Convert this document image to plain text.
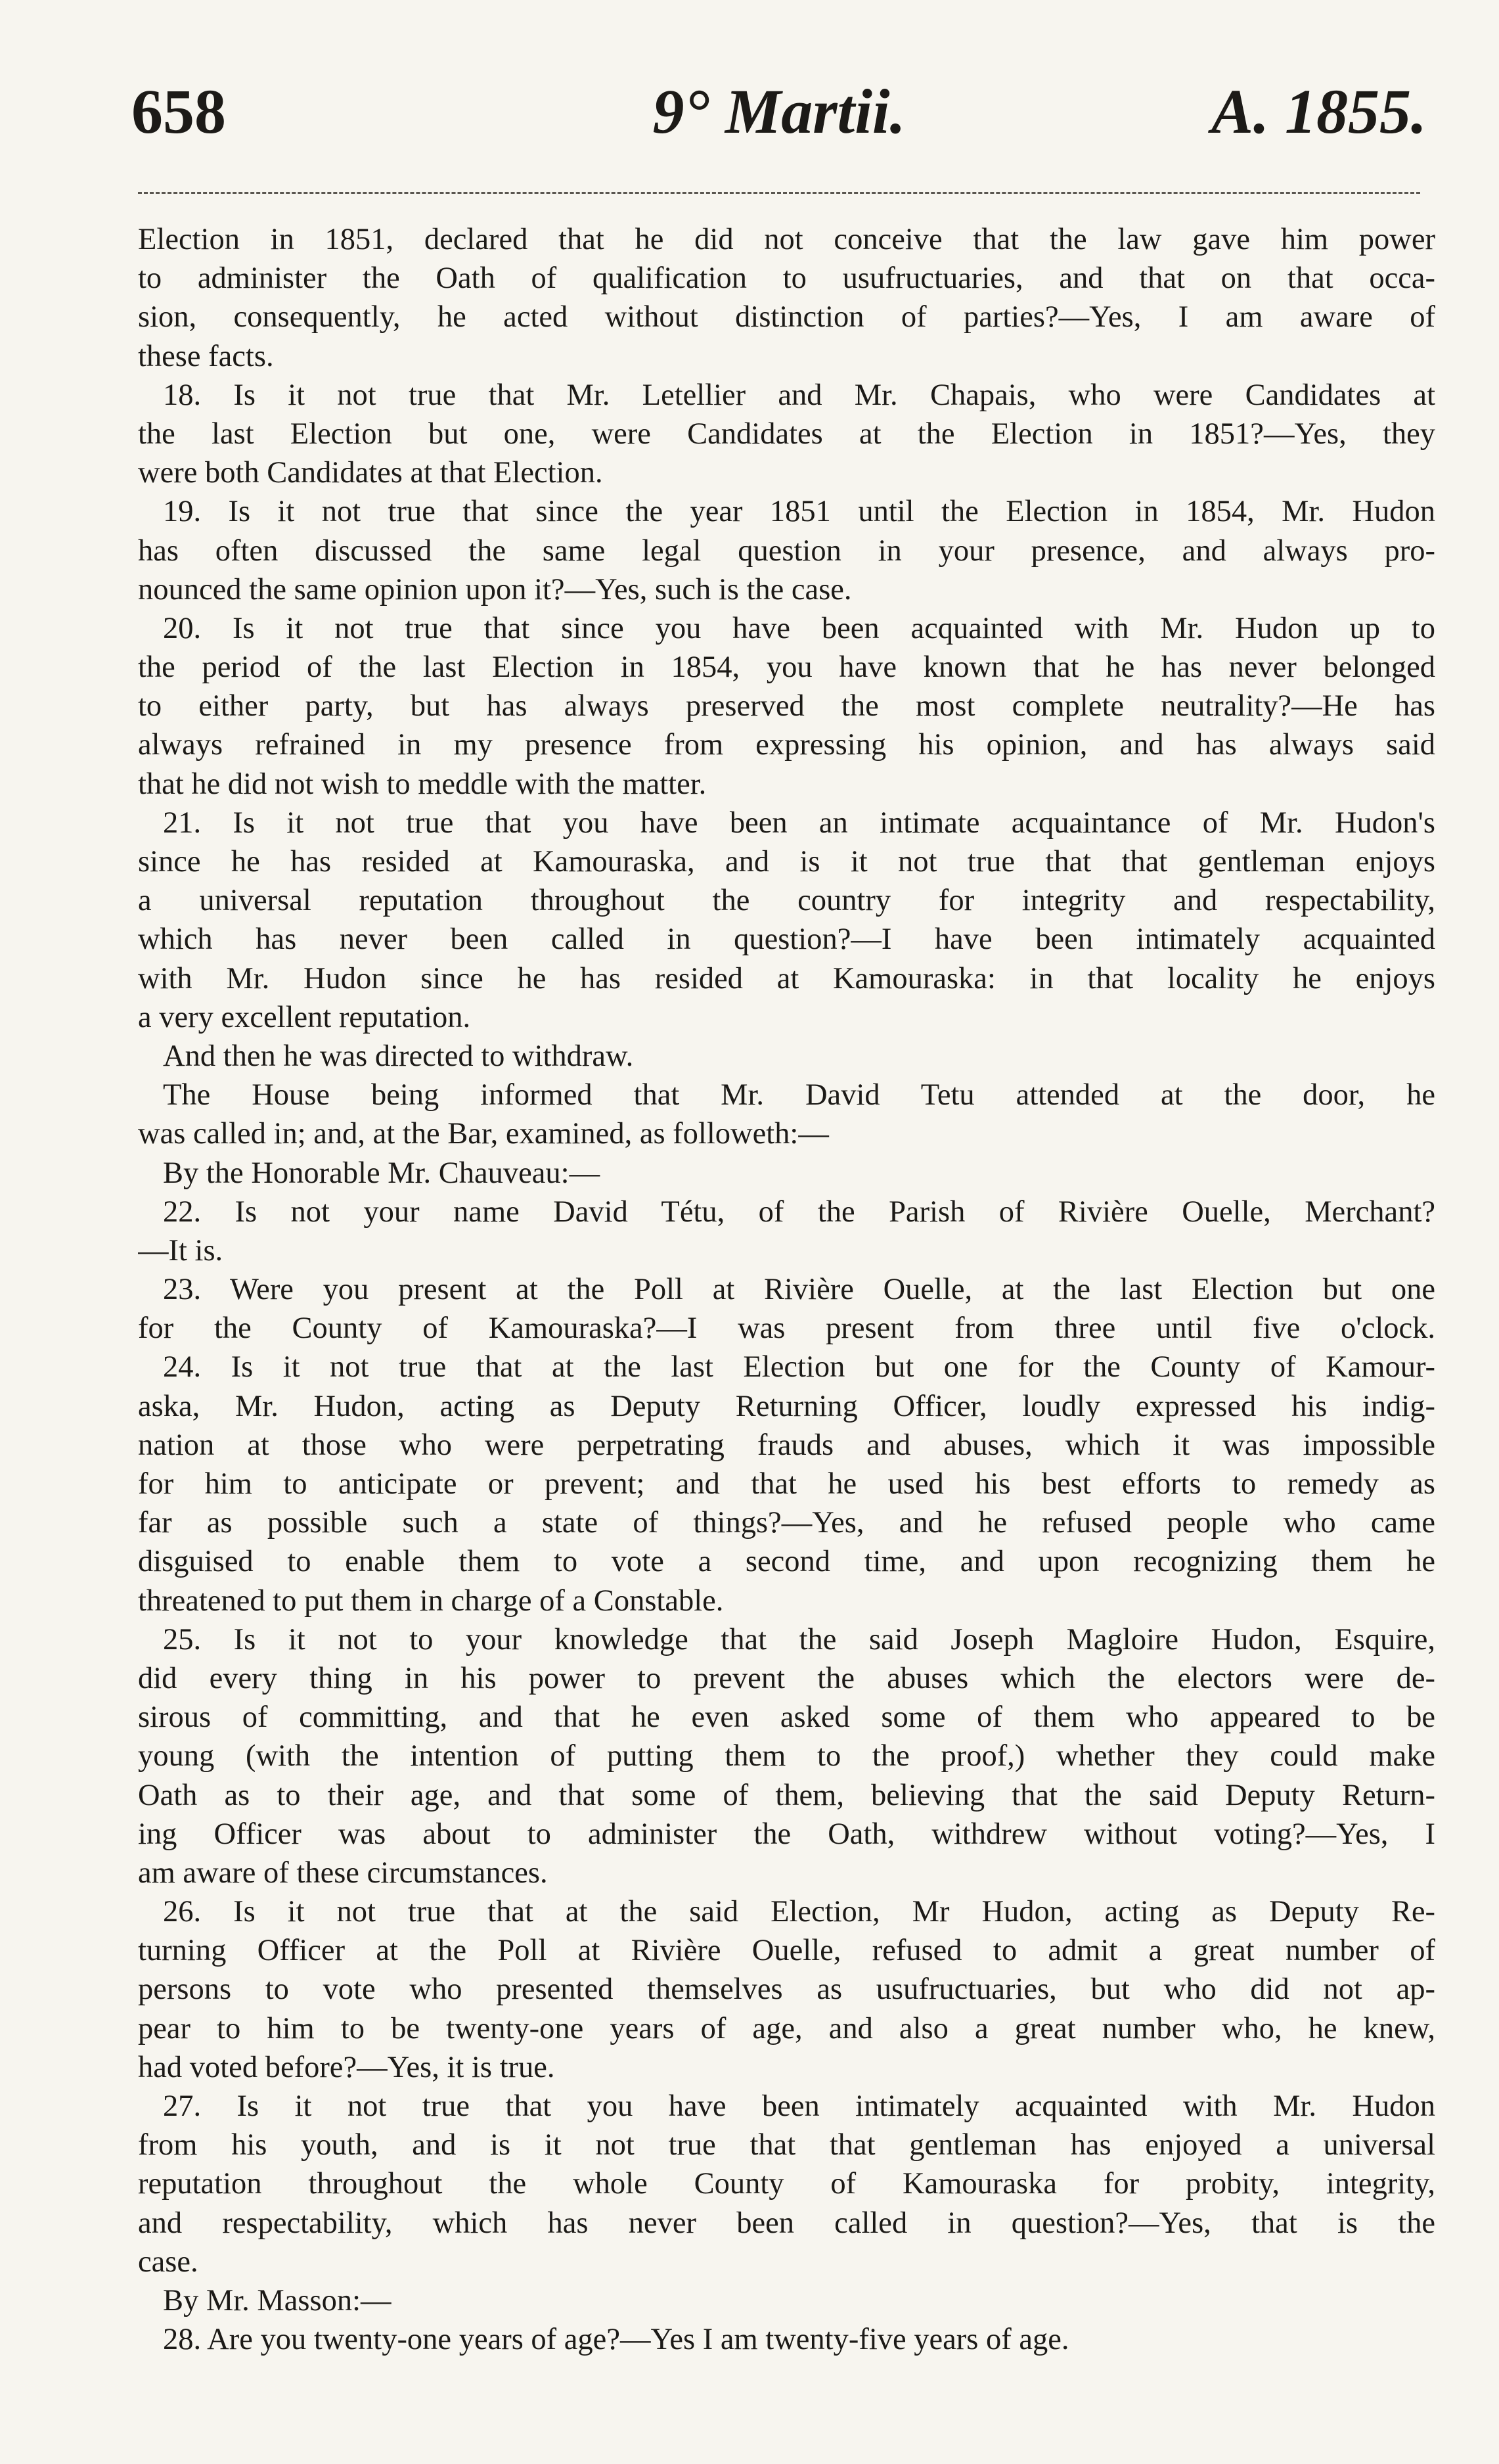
658	9° Martii.	A. 1855.
Election in 1851, declared that he did not conceive that the law gave him power
to administer the Oath of qualification to usufructuaries, and that on that occa-
sion, consequently, he acted without distinction of parties?—Yes, I am aware of
these facts.
18. Is it not true that Mr. Letellier and Mr. Chapais, who were Candidates at
the last Election but one, were Candidates at the Election in 1851?—Yes, they
were both Candidates at that Election.
19. Is it not true that since the year 1851 until the Election in 1854, Mr. Hudon
has often discussed the same legal question in your presence, and always pro-
nounced the same opinion upon it?—Yes, such is the case.
20. Is it not true that since you have been acquainted with Mr. Hudon up to
the period of the last Election in 1854, you have known that he has never belonged
to either party, but has always preserved the most complete neutrality?—He has
always refrained in my presence from expressing his opinion, and has always said
that he did not wish to meddle with the matter.
21. Is it not true that you have been an intimate acquaintance of Mr. Hudon's
since he has resided at Kamouraska, and is it not true that that gentleman enjoys
a universal reputation throughout the country for integrity and respectability,
which has never been called in question?—I have been intimately acquainted
with Mr. Hudon since he has resided at Kamouraska: in that locality he enjoys
a very excellent reputation.
And then he was directed to withdraw.
The House being informed that Mr. David Tetu attended at the door, he
was called in; and, at the Bar, examined, as followeth:—
By the Honorable Mr. Chauveau:—
22. Is not your name David Tétu, of the Parish of Rivière Ouelle, Merchant?
—It is.
23. Were you present at the Poll at Rivière Ouelle, at the last Election but one
for the County of Kamouraska?—I was present from three until five o'clock.
24. Is it not true that at the last Election but one for the County of Kamour-
aska, Mr. Hudon, acting as Deputy Returning Officer, loudly expressed his indig-
nation at those who were perpetrating frauds and abuses, which it was impossible
for him to anticipate or prevent; and that he used his best efforts to remedy as
far as possible such a state of things?—Yes, and he refused people who came
disguised to enable them to vote a second time, and upon recognizing them he
threatened to put them in charge of a Constable.
25. Is it not to your knowledge that the said Joseph Magloire Hudon, Esquire,
did every thing in his power to prevent the abuses which the electors were de-
sirous of committing, and that he even asked some of them who appeared to be
young (with the intention of putting them to the proof,) whether they could make
Oath as to their age, and that some of them, believing that the said Deputy Return-
ing Officer was about to administer the Oath, withdrew without voting?—Yes, I
am aware of these circumstances.
26. Is it not true that at the said Election, Mr Hudon, acting as Deputy Re-
turning Officer at the Poll at Rivière Ouelle, refused to admit a great number of
persons to vote who presented themselves as usufructuaries, but who did not ap-
pear to him to be twenty-one years of age, and also a great number who, he knew,
had voted before?—Yes, it is true.
27. Is it not true that you have been intimately acquainted with Mr. Hudon
from his youth, and is it not true that that gentleman has enjoyed a universal
reputation throughout the whole County of Kamouraska for probity, integrity,
and respectability, which has never been called in question?—Yes, that is the
case.
By Mr. Masson:—
28. Are you twenty-one years of age?—Yes I am twenty-five years of age.
